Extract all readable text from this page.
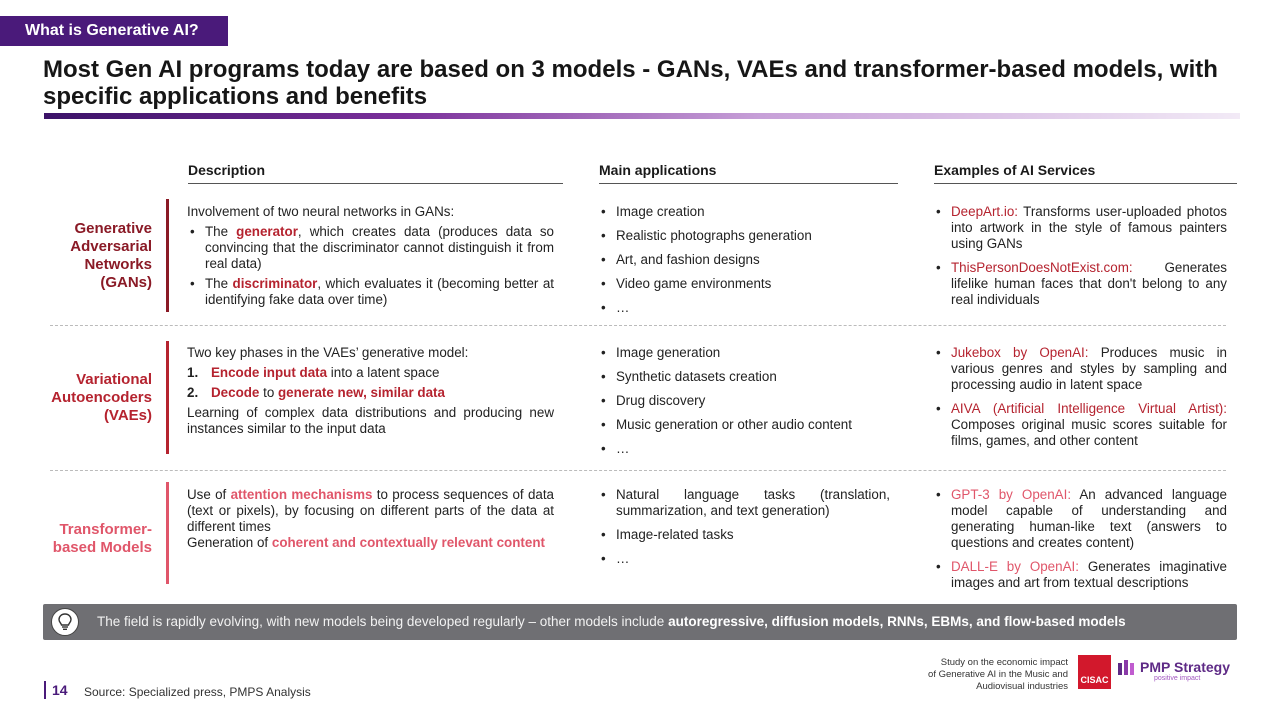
What is Generative AI?
Most Gen AI programs today are based on 3 models - GANs, VAEs and transformer-based models, with specific applications and benefits
Description	Main applications	Examples of AI Services
Generative
Adversarial
Networks
(GANs)

Involvement of two neural networks in GANs:

• The generator, which creates data (produces data so convincing that the discriminator cannot distinguish it from real data)
• The discriminator, which evaluates it (becoming better at identifying fake data over time)
• Image creation
• Realistic photographs generation
• Art, and fashion designs
• Video game environments
• …
• DeepArt.io: Transforms user-uploaded photos into artwork in the style of famous painters using GANs
• ThisPersonDoesNotExist.com: Generates lifelike human faces that don't belong to any real individuals
Variational
Autoencoders
(VAEs)

Two key phases in the VAEs’ generative model:

1. Encode input data into a latent space
2. Decode to generate new, similar data

Learning of complex data distributions and producing new instances similar to the input data

• Image generation
• Synthetic datasets creation
• Drug discovery
• Music generation or other audio content
• …
• Jukebox by OpenAI: Produces music in various genres and styles by sampling and processing audio in latent space
• AIVA (Artificial Intelligence Virtual Artist): Composes original music scores suitable for films, games, and other content
Transformer-
based Models

Use of attention mechanisms to process sequences of data (text or pixels), by focusing on different parts of the data at different times

Generation of coherent and contextually relevant content

• Natural language tasks (translation, summarization, and text generation)
• Image-related tasks
• …
• GPT-3 by OpenAI: An advanced language model capable of understanding and generating human-like text (answers to questions and creates content)
• DALL-E by OpenAI: Generates imaginative images and art from textual descriptions
The field is rapidly evolving, with new models being developed regularly – other models include autoregressive, diffusion models, RNNs, EBMs, and flow-based models
14 Source: Specialized press, PMPS Analysis
Study on the economic impact
of Generative AI in the Music and
Audiovisual industries
CISAC
PMP Strategy
positive impact
